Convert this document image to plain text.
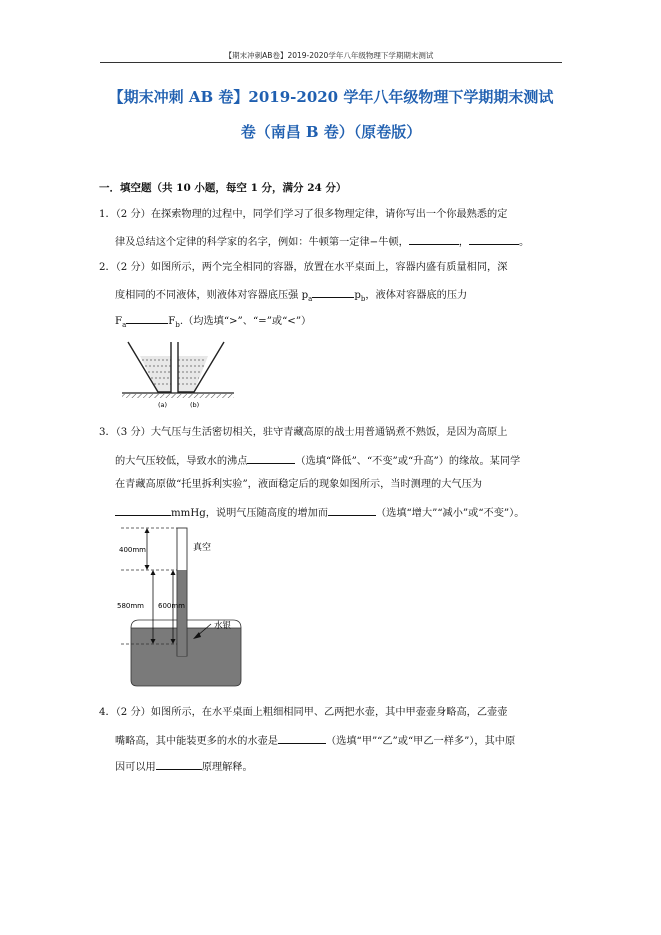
【期末冲刺AB卷】2019-2020学年八年级物理下学期期末测试
【期末冲刺 AB 卷】2019-2020 学年八年级物理下学期期末测试
卷（南昌 B 卷）（原卷版）
一．填空题（共 10 小题，每空 1 分，满分 24 分）
1．（2 分）在探索物理的过程中，同学们学习了很多物理定律，请你写出一个你最熟悉的定
律及总结这个定律的科学家的名字，例如：牛顿第一定律−牛顿，	，	。
2．（2 分）如图所示，两个完全相同的容器，放置在水平桌面上，容器内盛有质量相同，深
度相同的不同液体，则液体对容器底压强 $p_a$	$p_b$，液体对容器底的压力
$F_a$	$F_b$.（均选填“>”、“=”或“<”）
(a)	(b)
3．（3 分）大气压与生活密切相关，驻守青藏高原的战士用普通锅煮不熟饭，是因为高原上
的大气压较低，导致水的沸点	（选填“降低”、“不变”或“升高”）的缘故。某同学
在青藏高原做“托里拆利实验”，液面稳定后的现象如图所示，当时测理的大气压为
mmHg，说明气压随高度的增加而	（选填“增大”“减小”或“不变”）。
400mm
580mm 600mm
真空
水银
4．（2 分）如图所示，在水平桌面上粗细相同甲、乙两把水壶，其中甲壶壶身略高，乙壶壶
嘴略高，其中能装更多的水的水壶是	（选填“甲”“乙”或“甲乙一样多”），其中原
因可以用	原理解释。
